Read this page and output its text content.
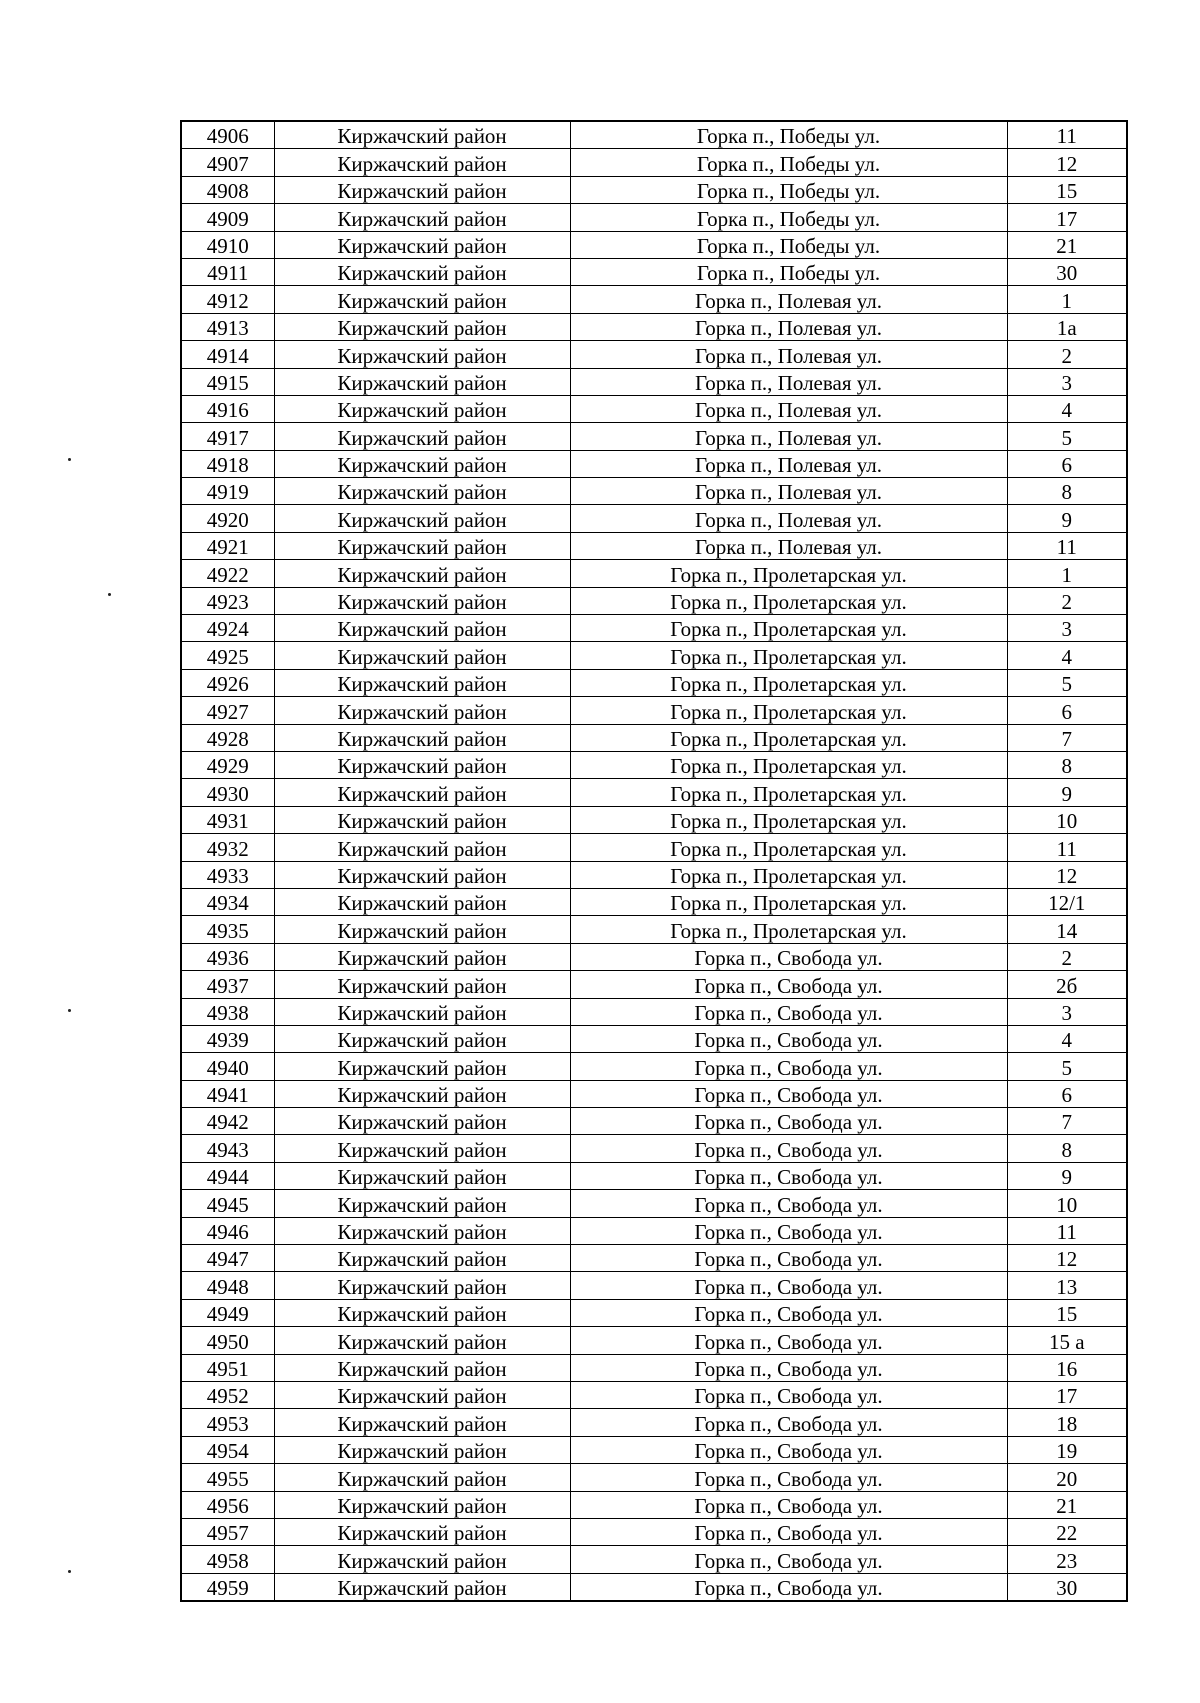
4906	Киржачский район	Горка п., Победы ул.	11
4907	Киржачский район	Горка п., Победы ул.	12
4908	Киржачский район	Горка п., Победы ул.	15
4909	Киржачский район	Горка п., Победы ул.	17
4910	Киржачский район	Горка п., Победы ул.	21
4911	Киржачский район	Горка п., Победы ул.	30
4912	Киржачский район	Горка п., Полевая ул.	1
4913	Киржачский район	Горка п., Полевая ул.	1а
4914	Киржачский район	Горка п., Полевая ул.	2
4915	Киржачский район	Горка п., Полевая ул.	3
4916	Киржачский район	Горка п., Полевая ул.	4
4917	Киржачский район	Горка п., Полевая ул.	5
4918	Киржачский район	Горка п., Полевая ул.	6
4919	Киржачский район	Горка п., Полевая ул.	8
4920	Киржачский район	Горка п., Полевая ул.	9
4921	Киржачский район	Горка п., Полевая ул.	11
4922	Киржачский район	Горка п., Пролетарская ул.	1
4923	Киржачский район	Горка п., Пролетарская ул.	2
4924	Киржачский район	Горка п., Пролетарская ул.	3
4925	Киржачский район	Горка п., Пролетарская ул.	4
4926	Киржачский район	Горка п., Пролетарская ул.	5
4927	Киржачский район	Горка п., Пролетарская ул.	6
4928	Киржачский район	Горка п., Пролетарская ул.	7
4929	Киржачский район	Горка п., Пролетарская ул.	8
4930	Киржачский район	Горка п., Пролетарская ул.	9
4931	Киржачский район	Горка п., Пролетарская ул.	10
4932	Киржачский район	Горка п., Пролетарская ул.	11
4933	Киржачский район	Горка п., Пролетарская ул.	12
4934	Киржачский район	Горка п., Пролетарская ул.	12/1
4935	Киржачский район	Горка п., Пролетарская ул.	14
4936	Киржачский район	Горка п., Свобода ул.	2
4937	Киржачский район	Горка п., Свобода ул.	2б
4938	Киржачский район	Горка п., Свобода ул.	3
4939	Киржачский район	Горка п., Свобода ул.	4
4940	Киржачский район	Горка п., Свобода ул.	5
4941	Киржачский район	Горка п., Свобода ул.	6
4942	Киржачский район	Горка п., Свобода ул.	7
4943	Киржачский район	Горка п., Свобода ул.	8
4944	Киржачский район	Горка п., Свобода ул.	9
4945	Киржачский район	Горка п., Свобода ул.	10
4946	Киржачский район	Горка п., Свобода ул.	11
4947	Киржачский район	Горка п., Свобода ул.	12
4948	Киржачский район	Горка п., Свобода ул.	13
4949	Киржачский район	Горка п., Свобода ул.	15
4950	Киржачский район	Горка п., Свобода ул.	15 а
4951	Киржачский район	Горка п., Свобода ул.	16
4952	Киржачский район	Горка п., Свобода ул.	17
4953	Киржачский район	Горка п., Свобода ул.	18
4954	Киржачский район	Горка п., Свобода ул.	19
4955	Киржачский район	Горка п., Свобода ул.	20
4956	Киржачский район	Горка п., Свобода ул.	21
4957	Киржачский район	Горка п., Свобода ул.	22
4958	Киржачский район	Горка п., Свобода ул.	23
4959	Киржачский район	Горка п., Свобода ул.	30
